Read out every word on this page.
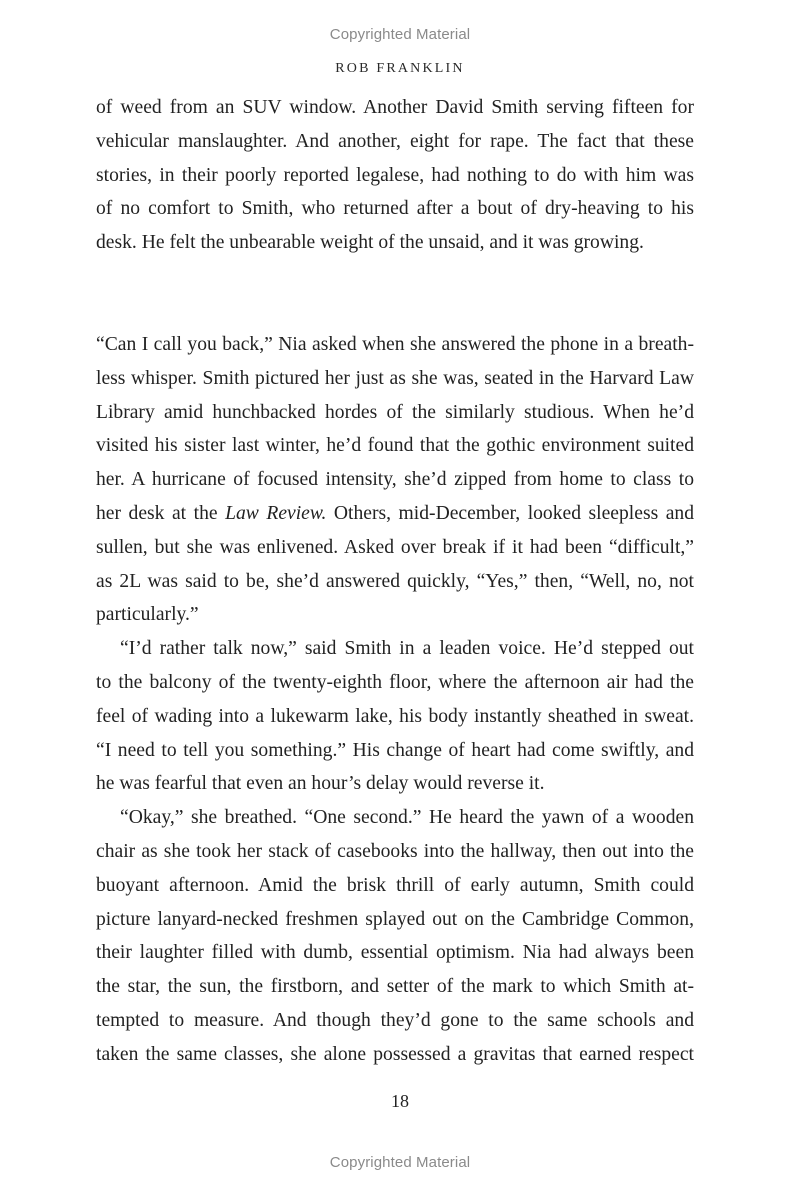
Copyrighted Material
ROB FRANKLIN
of weed from an SUV window. Another David Smith serving fifteen for
vehicular manslaughter. And another, eight for rape. The fact that these
stories, in their poorly reported legalese, had nothing to do with him was
of no comfort to Smith, who returned after a bout of dry-heaving to his
desk. He felt the unbearable weight of the unsaid, and it was growing.
“Can I call you back,” Nia asked when she answered the phone in a breath-
less whisper. Smith pictured her just as she was, seated in the Harvard Law
Library amid hunchbacked hordes of the similarly studious. When he’d
visited his sister last winter, he’d found that the gothic environment suited
her. A hurricane of focused intensity, she’d zipped from home to class to
her desk at the Law Review. Others, mid-December, looked sleepless and
sullen, but she was enlivened. Asked over break if it had been “difficult,”
as 2L was said to be, she’d answered quickly, “Yes,” then, “Well, no, not
particularly.”
“I’d rather talk now,” said Smith in a leaden voice. He’d stepped out
to the balcony of the twenty-eighth floor, where the afternoon air had the
feel of wading into a lukewarm lake, his body instantly sheathed in sweat.
“I need to tell you something.” His change of heart had come swiftly, and
he was fearful that even an hour’s delay would reverse it.
“Okay,” she breathed. “One second.” He heard the yawn of a wooden
chair as she took her stack of casebooks into the hallway, then out into the
buoyant afternoon. Amid the brisk thrill of early autumn, Smith could
picture lanyard-necked freshmen splayed out on the Cambridge Common,
their laughter filled with dumb, essential optimism. Nia had always been
the star, the sun, the firstborn, and setter of the mark to which Smith at-
tempted to measure. And though they’d gone to the same schools and
taken the same classes, she alone possessed a gravitas that earned respect
18
Copyrighted Material
